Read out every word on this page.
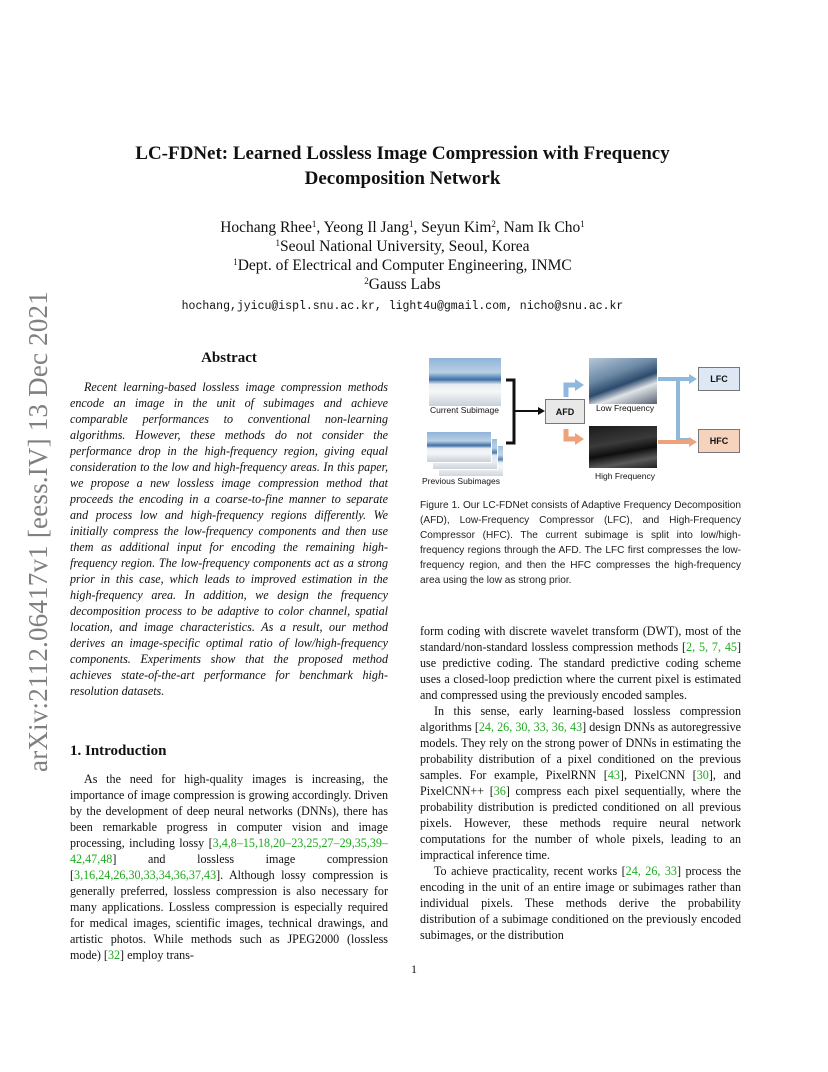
arXiv:2112.06417v1 [eess.IV] 13 Dec 2021
LC-FDNet: Learned Lossless Image Compression with Frequency
Decomposition Network
Hochang Rhee$^1$, Yeong Il Jang$^1$, Seyun Kim$^2$, Nam Ik Cho$^1$
$^1$Seoul National University, Seoul, Korea
$^1$Dept. of Electrical and Computer Engineering, INMC
$^2$Gauss Labs
hochang,jyicu@ispl.snu.ac.kr, light4u@gmail.com, nicho@snu.ac.kr
Abstract
Recent learning-based lossless image compression methods encode an image in the unit of subimages and achieve comparable performances to conventional non-learning algorithms. However, these methods do not consider the performance drop in the high-frequency region, giving equal consideration to the low and high-frequency areas. In this paper, we propose a new lossless image compression method that proceeds the encoding in a coarse-to-fine manner to separate and process low and high-frequency regions differently. We initially compress the low-frequency components and then use them as additional input for encoding the remaining high-frequency region. The low-frequency components act as a strong prior in this case, which leads to improved estimation in the high-frequency area. In addition, we design the frequency decomposition process to be adaptive to color channel, spatial location, and image characteristics. As a result, our method derives an image-specific optimal ratio of low/high-frequency components. Experiments show that the proposed method achieves state-of-the-art performance for benchmark high-resolution datasets.
1. Introduction
As the need for high-quality images is increasing, the importance of image compression is growing accordingly. Driven by the development of deep neural networks (DNNs), there has been remarkable progress in computer vision and image processing, including lossy [3,4,8–15,18,20–23,25,27–29,35,39–42,47,48] and lossless image compression [3,16,24,26,30,33,34,36,37,43]. Although lossy compression is generally preferred, lossless compression is also necessary for many applications. Lossless compression is especially required for medical images, scientific images, technical drawings, and artistic photos. While methods such as JPEG2000 (lossless mode) [32] employ trans-
Current Subimage
Previous Subimages
AFD	Low Frequency
High Frequency
LFC
HFC
Figure 1. Our LC-FDNet consists of Adaptive Frequency Decomposition (AFD), Low-Frequency Compressor (LFC), and High-Frequency Compressor (HFC). The current subimage is split into low/high-frequency regions through the AFD. The LFC first compresses the low-frequency region, and then the HFC compresses the high-frequency area using the low as strong prior.

form coding with discrete wavelet transform (DWT), most of the standard/non-standard lossless compression methods [2, 5, 7, 45] use predictive coding. The standard predictive coding scheme uses a closed-loop prediction where the current pixel is estimated and compressed using the previously encoded samples.

In this sense, early learning-based lossless compression algorithms [24, 26, 30, 33, 36, 43] design DNNs as autoregressive models. They rely on the strong power of DNNs in estimating the probability distribution of a pixel conditioned on the previous samples. For example, PixelRNN [43], PixelCNN [30], and PixelCNN++ [36] compress each pixel sequentially, where the probability distribution is predicted conditioned on all previous pixels. However, these methods require neural network computations for the number of whole pixels, leading to an impractical inference time.

To achieve practicality, recent works [24, 26, 33] process the encoding in the unit of an entire image or subimages rather than individual pixels. These methods derive the probability distribution of a subimage conditioned on the previously encoded subimages, or the distribution

1
